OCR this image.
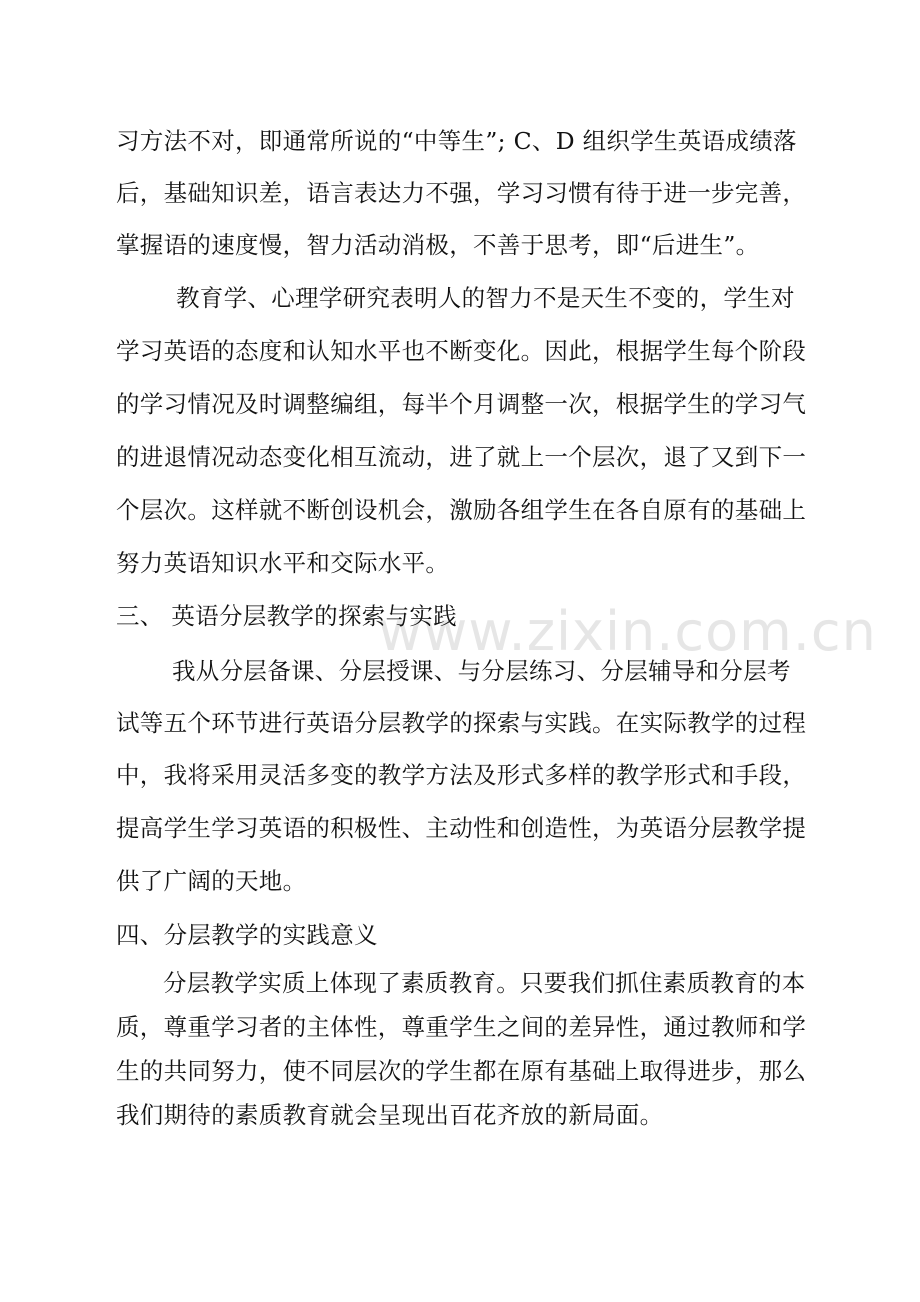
www.zixin.com.cn
习方法不对，即通常所说的“中等生”; C、D 组织学生英语成绩落
后，基础知识差，语言表达力不强，学习习惯有待于进一步完善，
掌握语的速度慢，智力活动消极，不善于思考，即“后进生”。
教育学、心理学研究表明人的智力不是天生不变的，学生对
学习英语的态度和认知水平也不断变化。因此，根据学生每个阶段
的学习情况及时调整编组，每半个月调整一次，根据学生的学习气
的进退情况动态变化相互流动，进了就上一个层次，退了又到下一
个层次。这样就不断创设机会，激励各组学生在各自原有的基础上
努力英语知识水平和交际水平。
三、 英语分层教学的探索与实践
我从分层备课、分层授课、与分层练习、分层辅导和分层考
试等五个环节进行英语分层教学的探索与实践。在实际教学的过程
中，我将采用灵活多变的教学方法及形式多样的教学形式和手段，
提高学生学习英语的积极性、主动性和创造性，为英语分层教学提
供了广阔的天地。
四、分层教学的实践意义
分层教学实质上体现了素质教育。只要我们抓住素质教育的本
质，尊重学习者的主体性，尊重学生之间的差异性，通过教师和学
生的共同努力，使不同层次的学生都在原有基础上取得进步，那么
我们期待的素质教育就会呈现出百花齐放的新局面。
